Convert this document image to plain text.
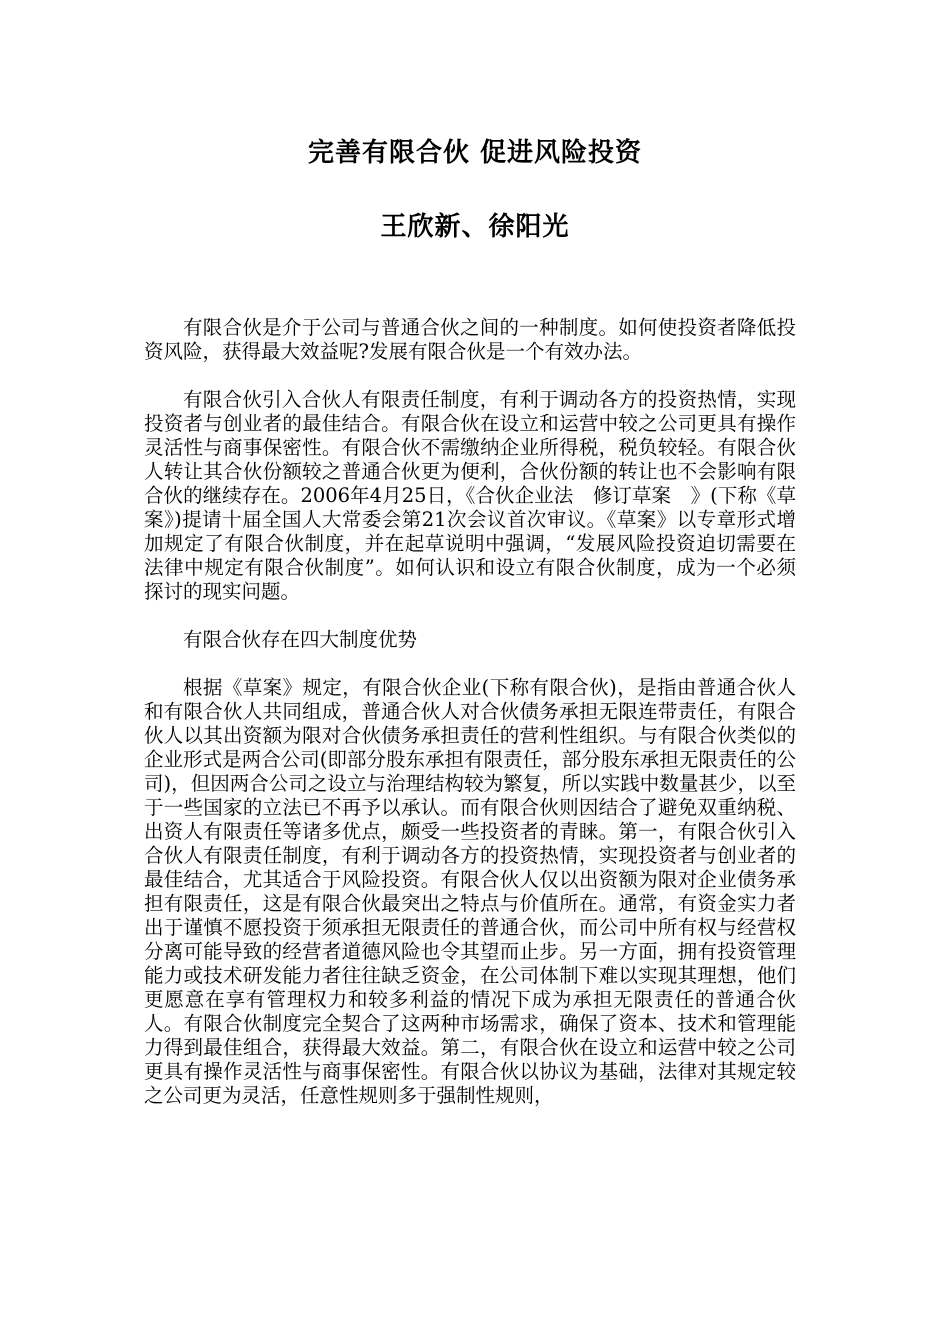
完善有限合伙 促进风险投资
王欣新、徐阳光

有限合伙是介于公司与普通合伙之间的一种制度。如何使投资者降低投资风险，获得最大效益呢?发展有限合伙是一个有效办法。

有限合伙引入合伙人有限责任制度，有利于调动各方的投资热情，实现投资者与创业者的最佳结合。有限合伙在设立和运营中较之公司更具有操作灵活性与商事保密性。有限合伙不需缴纳企业所得税，税负较轻。有限合伙人转让其合伙份额较之普通合伙更为便利，合伙份额的转让也不会影响有限合伙的继续存在。2006年4月25日，《合伙企业法　修订草案　》(下称《草案》)提请十届全国人大常委会第21次会议首次审议。《草案》以专章形式增加规定了有限合伙制度，并在起草说明中强调，“发展风险投资迫切需要在法律中规定有限合伙制度”。如何认识和设立有限合伙制度，成为一个必须探讨的现实问题。

有限合伙存在四大制度优势

根据《草案》规定，有限合伙企业(下称有限合伙)，是指由普通合伙人和有限合伙人共同组成，普通合伙人对合伙债务承担无限连带责任，有限合伙人以其出资额为限对合伙债务承担责任的营利性组织。与有限合伙类似的企业形式是两合公司(即部分股东承担有限责任，部分股东承担无限责任的公司)，但因两合公司之设立与治理结构较为繁复，所以实践中数量甚少，以至于一些国家的立法已不再予以承认。而有限合伙则因结合了避免双重纳税、出资人有限责任等诸多优点，颇受一些投资者的青睐。第一，有限合伙引入合伙人有限责任制度，有利于调动各方的投资热情，实现投资者与创业者的最佳结合，尤其适合于风险投资。有限合伙人仅以出资额为限对企业债务承担有限责任，这是有限合伙最突出之特点与价值所在。通常，有资金实力者出于谨慎不愿投资于须承担无限责任的普通合伙，而公司中所有权与经营权分离可能导致的经营者道德风险也令其望而止步。另一方面，拥有投资管理能力或技术研发能力者往往缺乏资金，在公司体制下难以实现其理想，他们更愿意在享有管理权力和较多利益的情况下成为承担无限责任的普通合伙人。有限合伙制度完全契合了这两种市场需求，确保了资本、技术和管理能力得到最佳组合，获得最大效益。第二，有限合伙在设立和运营中较之公司更具有操作灵活性与商事保密性。有限合伙以协议为基础，法律对其规定较之公司更为灵活，任意性规则多于强制性规则，
